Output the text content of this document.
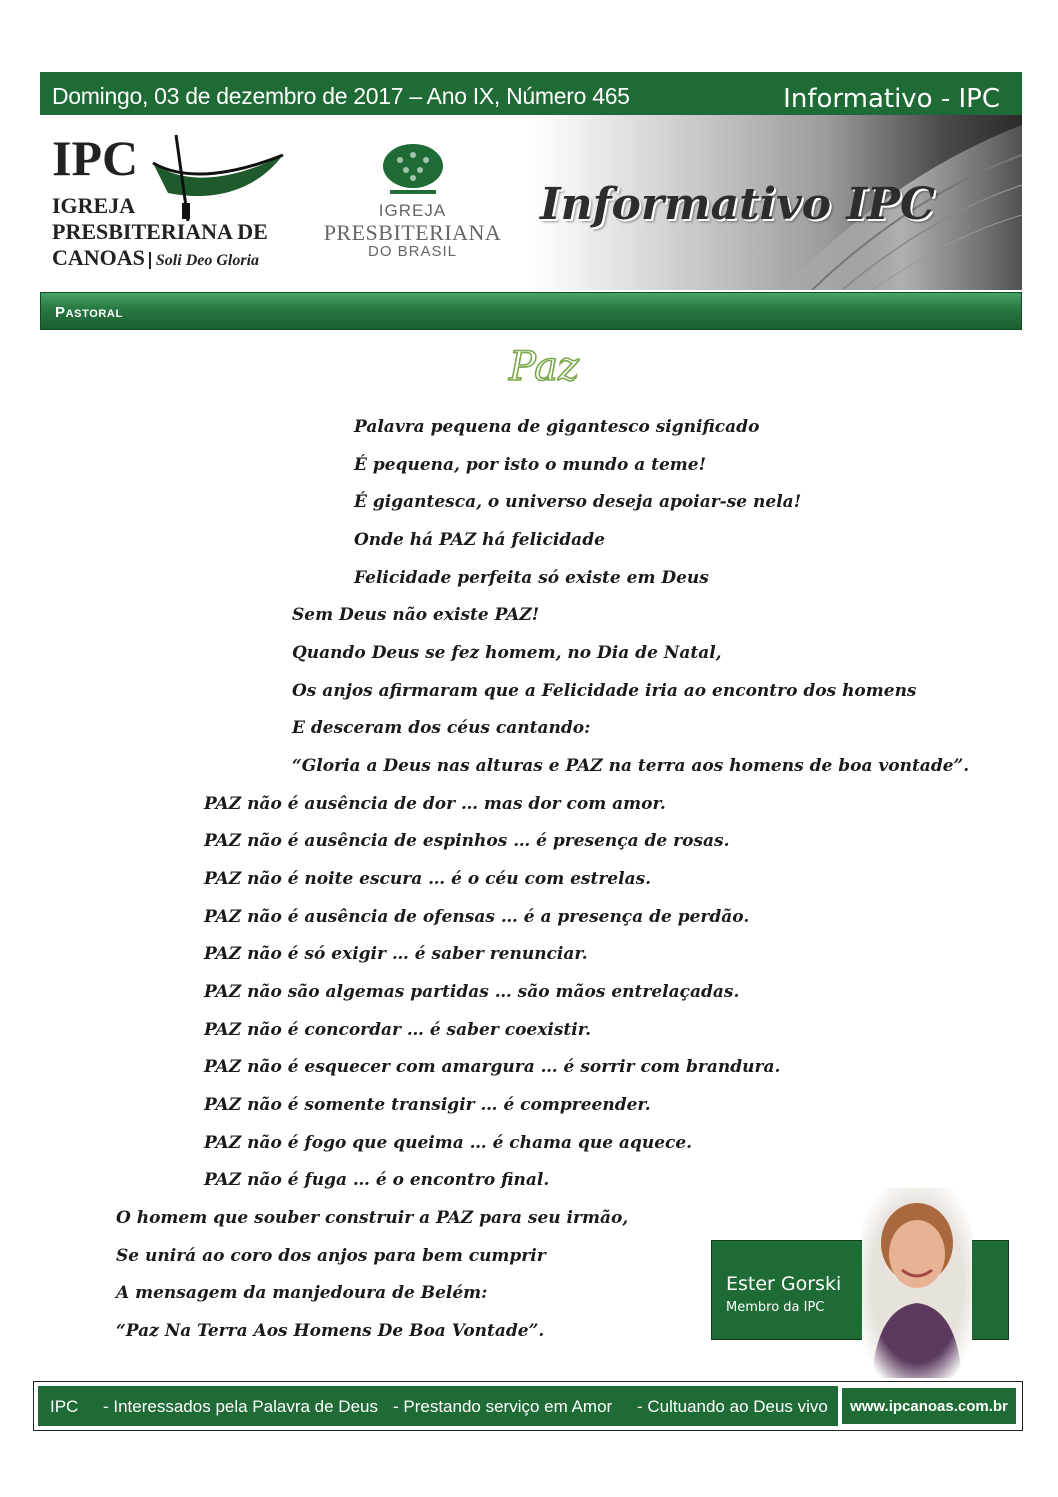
Domingo, 03 de dezembro de 2017 – Ano IX, Número 465	Informativo - IPC
IPC
IGREJA
PRESBITERIANA DE
CANOAS Soli Deo Gloria
IGREJA
PRESBITERIANA
DO BRASIL
Informativo IPC
Pastoral
Paz
Palavra pequena de gigantesco significado
É pequena, por isto o mundo a teme!
É gigantesca, o universo deseja apoiar-se nela!
Onde há PAZ há felicidade
Felicidade perfeita só existe em Deus
Sem Deus não existe PAZ!
Quando Deus se fez homem, no Dia de Natal,
Os anjos afirmaram que a Felicidade iria ao encontro dos homens
E desceram dos céus cantando:
“Gloria a Deus nas alturas e PAZ na terra aos homens de boa vontade”.
PAZ não é ausência de dor … mas dor com amor.
PAZ não é ausência de espinhos … é presença de rosas.
PAZ não é noite escura … é o céu com estrelas.
PAZ não é ausência de ofensas … é a presença de perdão.
PAZ não é só exigir … é saber renunciar.
PAZ não são algemas partidas … são mãos entrelaçadas.
PAZ não é concordar … é saber coexistir.
PAZ não é esquecer com amargura … é sorrir com brandura.
PAZ não é somente transigir … é compreender.
PAZ não é fogo que queima … é chama que aquece.
PAZ não é fuga … é o encontro final.
O homem que souber construir a PAZ para seu irmão,
Se unirá ao coro dos anjos para bem cumprir
A mensagem da manjedoura de Belém:
“Paz Na Terra Aos Homens De Boa Vontade”.
Ester Gorski
Membro da IPC
IPC - Interessados pela Palavra de Deus - Prestando serviço em Amor - Cultuando ao Deus vivo	www.ipcanoas.com.br
